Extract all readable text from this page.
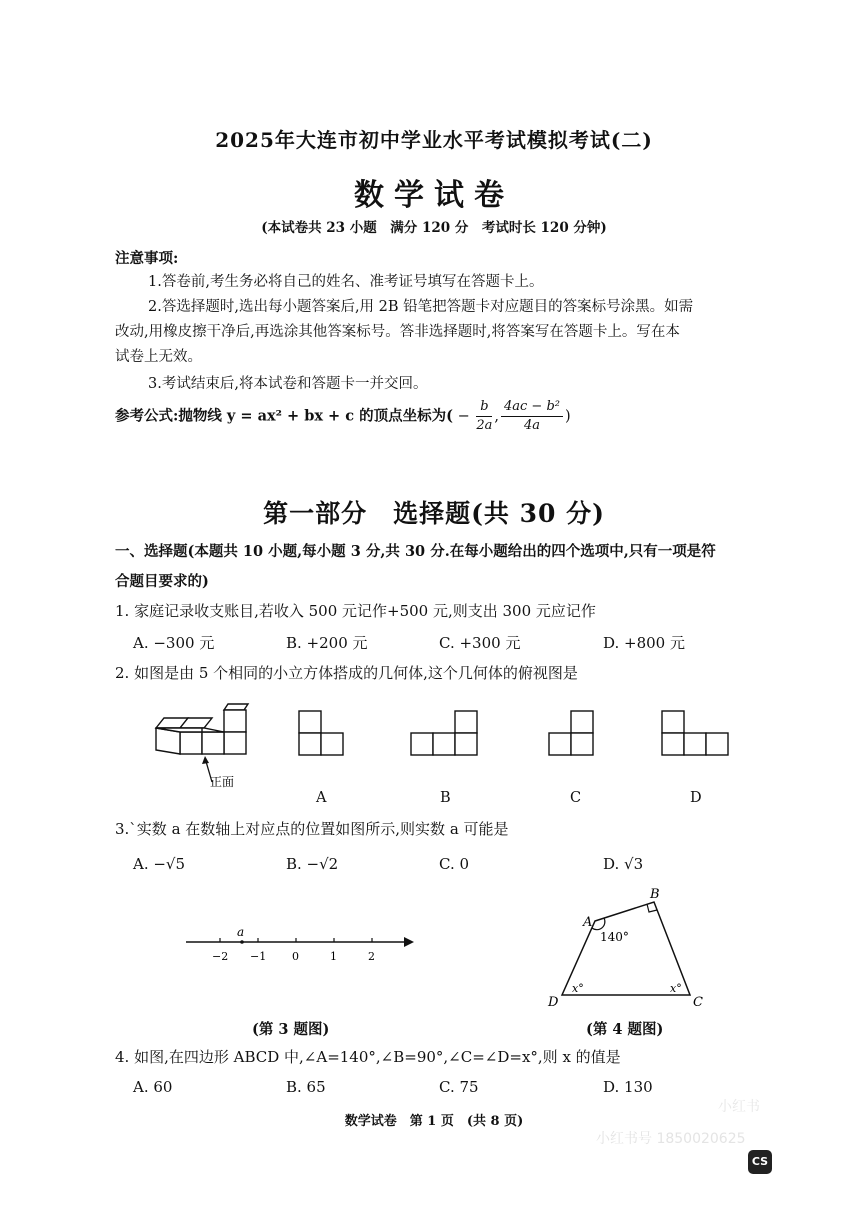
2025年大连市初中学业水平考试模拟考试(二)
数学试卷
(本试卷共 23 小题　满分 120 分　考试时长 120 分钟)
注意事项:
1.答卷前,考生务必将自己的姓名、准考证号填写在答题卡上。
2.答选择题时,选出每小题答案后,用 2B 铅笔把答题卡对应题目的答案标号涂黑。如需
改动,用橡皮擦干净后,再选涂其他答案标号。答非选择题时,将答案写在答题卡上。写在本
试卷上无效。
3.考试结束后,将本试卷和答题卡一并交回。
参考公式:抛物线 y = ax² + bx + c 的顶点坐标为( − $\frac{b}{2a}$ , $\frac{\text{4ac − b²}}{4a}$ )
第一部分　选择题(共 30 分)
一、选择题(本题共 10 小题,每小题 3 分,共 30 分.在每小题给出的四个选项中,只有一项是符
合题目要求的)
1. 家庭记录收支账目,若收入 500 元记作+500 元,则支出 300 元应记作
A. −300 元	B. +200 元	C. +300 元	D. +800 元
2. 如图是由 5 个相同的小立方体搭成的几何体,这个几何体的俯视图是
正面
A	B	C	D
3.`实数 a 在数轴上对应点的位置如图所示,则实数 a 可能是
A. −√5	B. −√2	C. 0	D. √3
a
−2 −1 0	1	2
(第 3 题图)
A
B
C
D
140°
x°	x°
(第 4 题图)
4. 如图,在四边形 ABCD 中,∠A=140°,∠B=90°,∠C=∠D=x°,则 x 的值是
A. 60	B. 65	C. 75	D. 130
数学试卷　第 1 页　(共 8 页)
小红书
小红书号 1850020625
CS
